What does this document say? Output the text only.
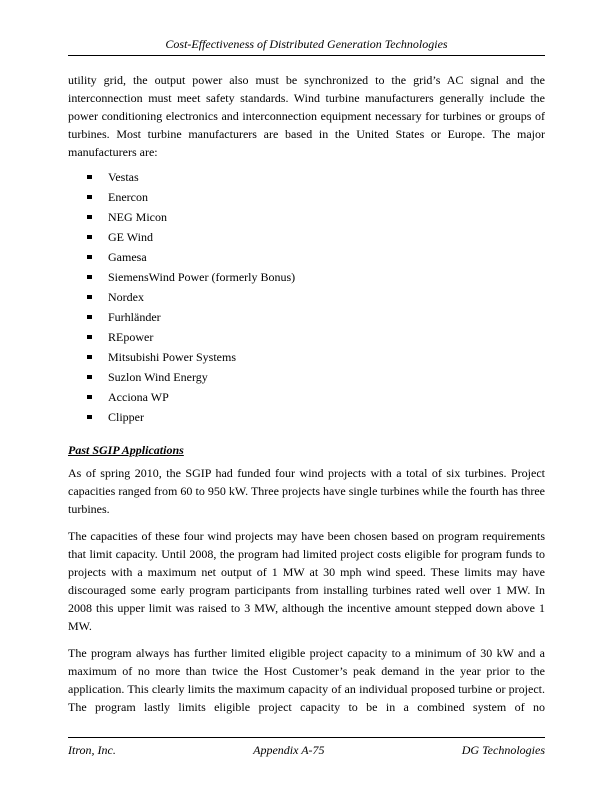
Cost-Effectiveness of Distributed Generation Technologies

utility grid, the output power also must be synchronized to the grid’s AC signal and the interconnection must meet safety standards. Wind turbine manufacturers generally include the power conditioning electronics and interconnection equipment necessary for turbines or groups of turbines. Most turbine manufacturers are based in the United States or Europe. The major manufacturers are:

Vestas
Enercon
NEG Micon
GE Wind
Gamesa
SiemensWind Power (formerly Bonus)
Nordex
Furhländer
REpower
Mitsubishi Power Systems
Suzlon Wind Energy
Acciona WP
Clipper
Past SGIP Applications

As of spring 2010, the SGIP had funded four wind projects with a total of six turbines. Project capacities ranged from 60 to 950 kW. Three projects have single turbines while the fourth has three turbines.

The capacities of these four wind projects may have been chosen based on program requirements that limit capacity. Until 2008, the program had limited project costs eligible for program funds to projects with a maximum net output of 1 MW at 30 mph wind speed. These limits may have discouraged some early program participants from installing turbines rated well over 1 MW. In 2008 this upper limit was raised to 3 MW, although the incentive amount stepped down above 1 MW.

The program always has further limited eligible project capacity to a minimum of 30 kW and a maximum of no more than twice the Host Customer’s peak demand in the year prior to the application. This clearly limits the maximum capacity of an individual proposed turbine or project. The program lastly limits eligible project capacity to be in a combined system of no

Itron, Inc.	Appendix A-75	DG Technologies
